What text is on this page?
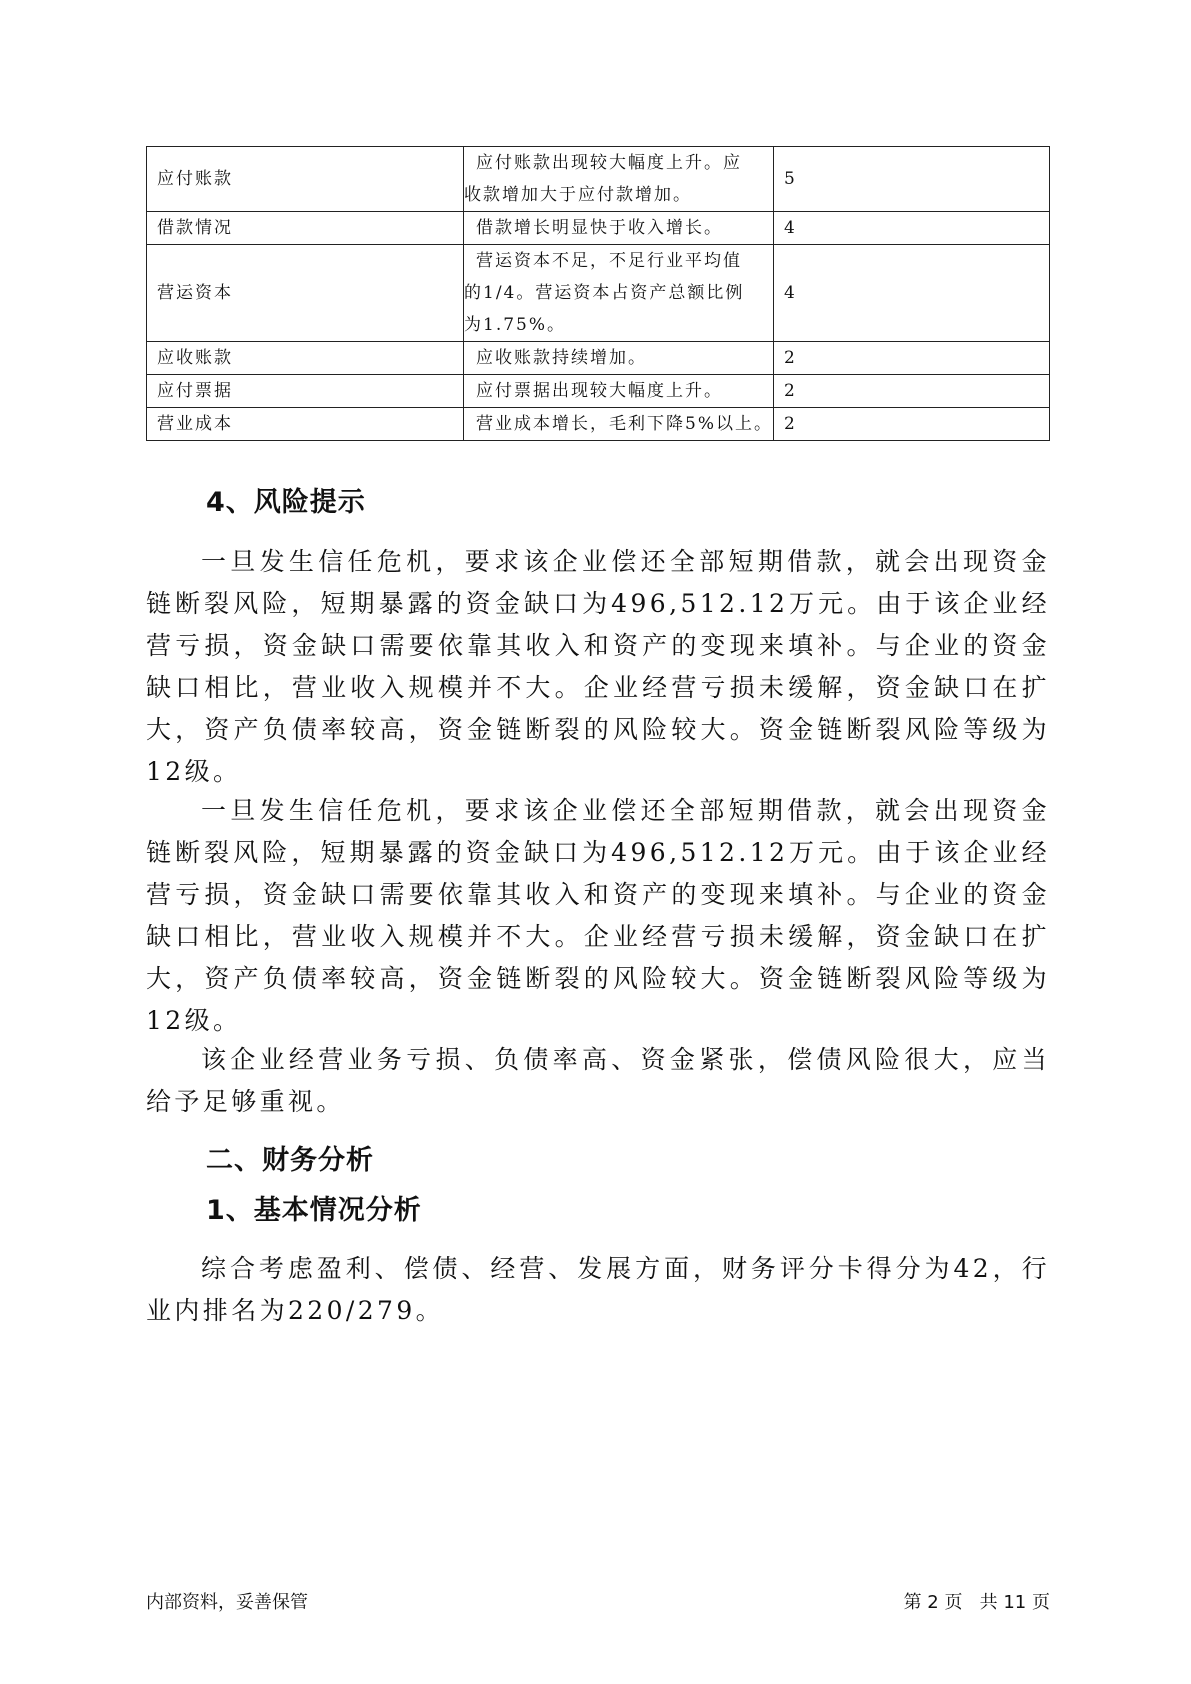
应付账款	应付账款出现较大幅度上升。应
收款增加大于应付款增加。	5
借款情况	借款增长明显快于收入增长。	4
营运资本	营运资本不足，不足行业平均值
的1/4。营运资本占资产总额比例
为1.75%。	4
应收账款	应收账款持续增加。	2
应付票据	应付票据出现较大幅度上升。	2
营业成本	营业成本增长，毛利下降5%以上。	2
4、风险提示

一旦发生信任危机，要求该企业偿还全部短期借款，就会出现资金链断裂风险，短期暴露的资金缺口为496,512.12万元。由于该企业经营亏损，资金缺口需要依靠其收入和资产的变现来填补。与企业的资金缺口相比，营业收入规模并不大。企业经营亏损未缓解，资金缺口在扩大，资产负债率较高，资金链断裂的风险较大。资金链断裂风险等级为12级。

一旦发生信任危机，要求该企业偿还全部短期借款，就会出现资金链断裂风险，短期暴露的资金缺口为496,512.12万元。由于该企业经营亏损，资金缺口需要依靠其收入和资产的变现来填补。与企业的资金缺口相比，营业收入规模并不大。企业经营亏损未缓解，资金缺口在扩大，资产负债率较高，资金链断裂的风险较大。资金链断裂风险等级为12级。

该企业经营业务亏损、负债率高、资金紧张，偿债风险很大，应当给予足够重视。

二、财务分析
1、基本情况分析

综合考虑盈利、偿债、经营、发展方面，财务评分卡得分为42，行业内排名为220/279。

内部资料，妥善保管	第 2 页   共 11 页
